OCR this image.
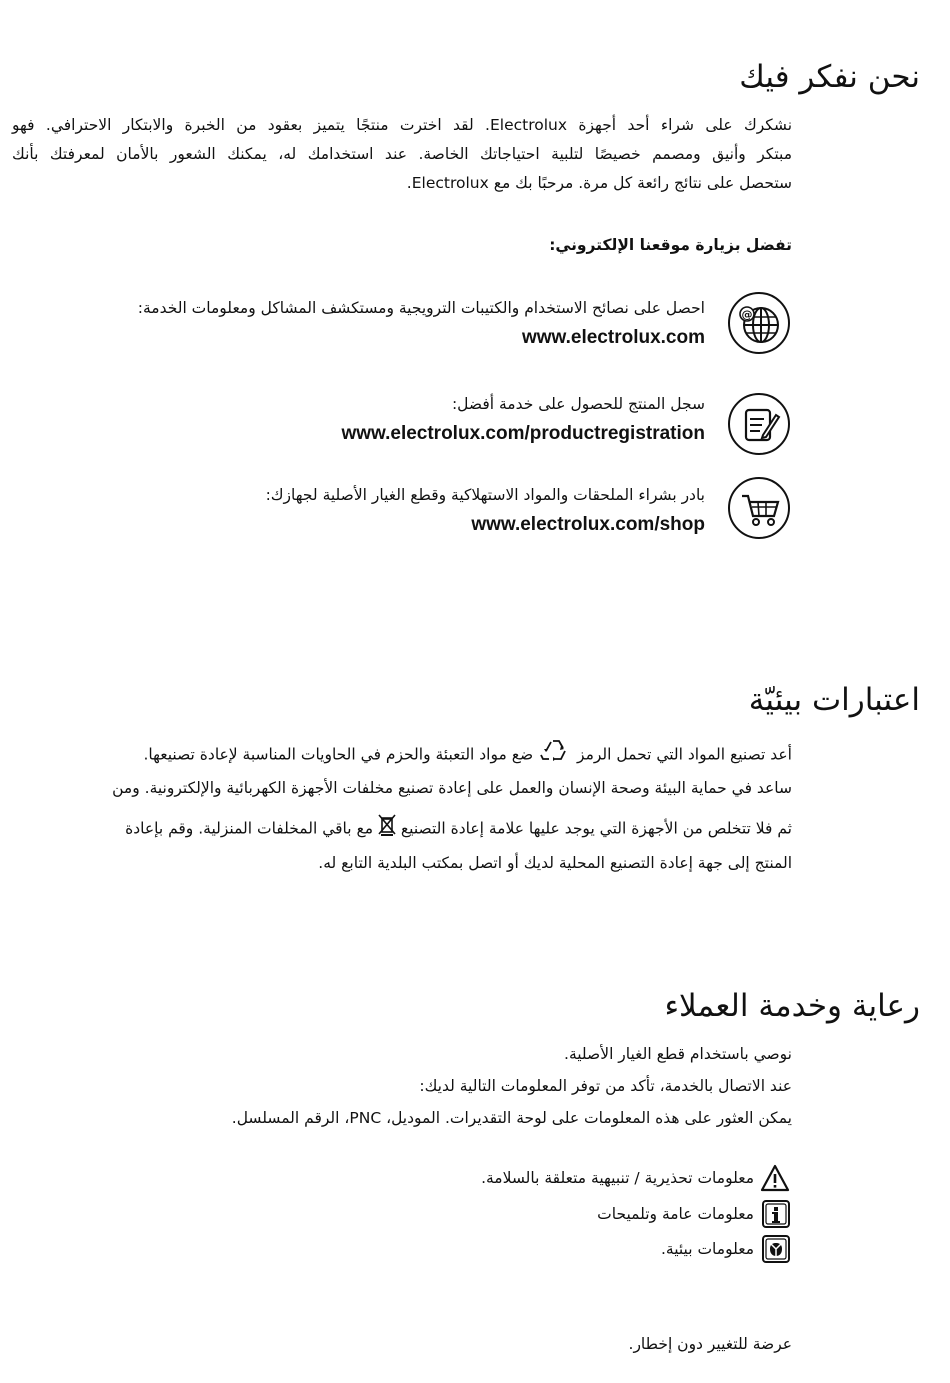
نحن نفكر فيك
نشكرك على شراء أحد أجهزة Electrolux. لقد اخترت منتجًا يتميز بعقود من الخبرة والابتكار الاحترافي. فهو
مبتكر وأنيق ومصمم خصيصًا لتلبية احتياجاتك الخاصة. عند استخدامك له، يمكنك الشعور بالأمان لمعرفتك بأنك
ستحصل على نتائج رائعة كل مرة. مرحبًا بك مع Electrolux.
تفضل بزيارة موقعنا الإلكتروني:
@
احصل على نصائح الاستخدام والكتيبات الترويجية ومستكشف المشاكل ومعلومات الخدمة:
www.electrolux.com
سجل المنتج للحصول على خدمة أفضل:
www.electrolux.com/productregistration
بادر بشراء الملحقات والمواد الاستهلاكية وقطع الغيار الأصلية لجهازك:
www.electrolux.com/shop
اعتبارات بيئيّة
أعد تصنيع المواد التي تحمل الرمز  ضع مواد التعبئة والحزم في الحاويات المناسبة لإعادة تصنيعها.
ساعد في حماية البيئة وصحة الإنسان والعمل على إعادة تصنيع مخلفات الأجهزة الكهربائية والإلكترونية. ومن
ثم فلا تتخلص من الأجهزة التي يوجد عليها علامة إعادة التصنيع  مع باقي المخلفات المنزلية. وقم بإعادة
المنتج إلى جهة إعادة التصنيع المحلية لديك أو اتصل بمكتب البلدية التابع له.
رعاية وخدمة العملاء
نوصي باستخدام قطع الغيار الأصلية.
عند الاتصال بالخدمة، تأكد من توفر المعلومات التالية لديك:
يمكن العثور على هذه المعلومات على لوحة التقديرات. الموديل، PNC، الرقم المسلسل.
معلومات تحذيرية / تنبيهية متعلقة بالسلامة.
معلومات عامة وتلميحات
معلومات بيئية.
عرضة للتغيير دون إخطار.
